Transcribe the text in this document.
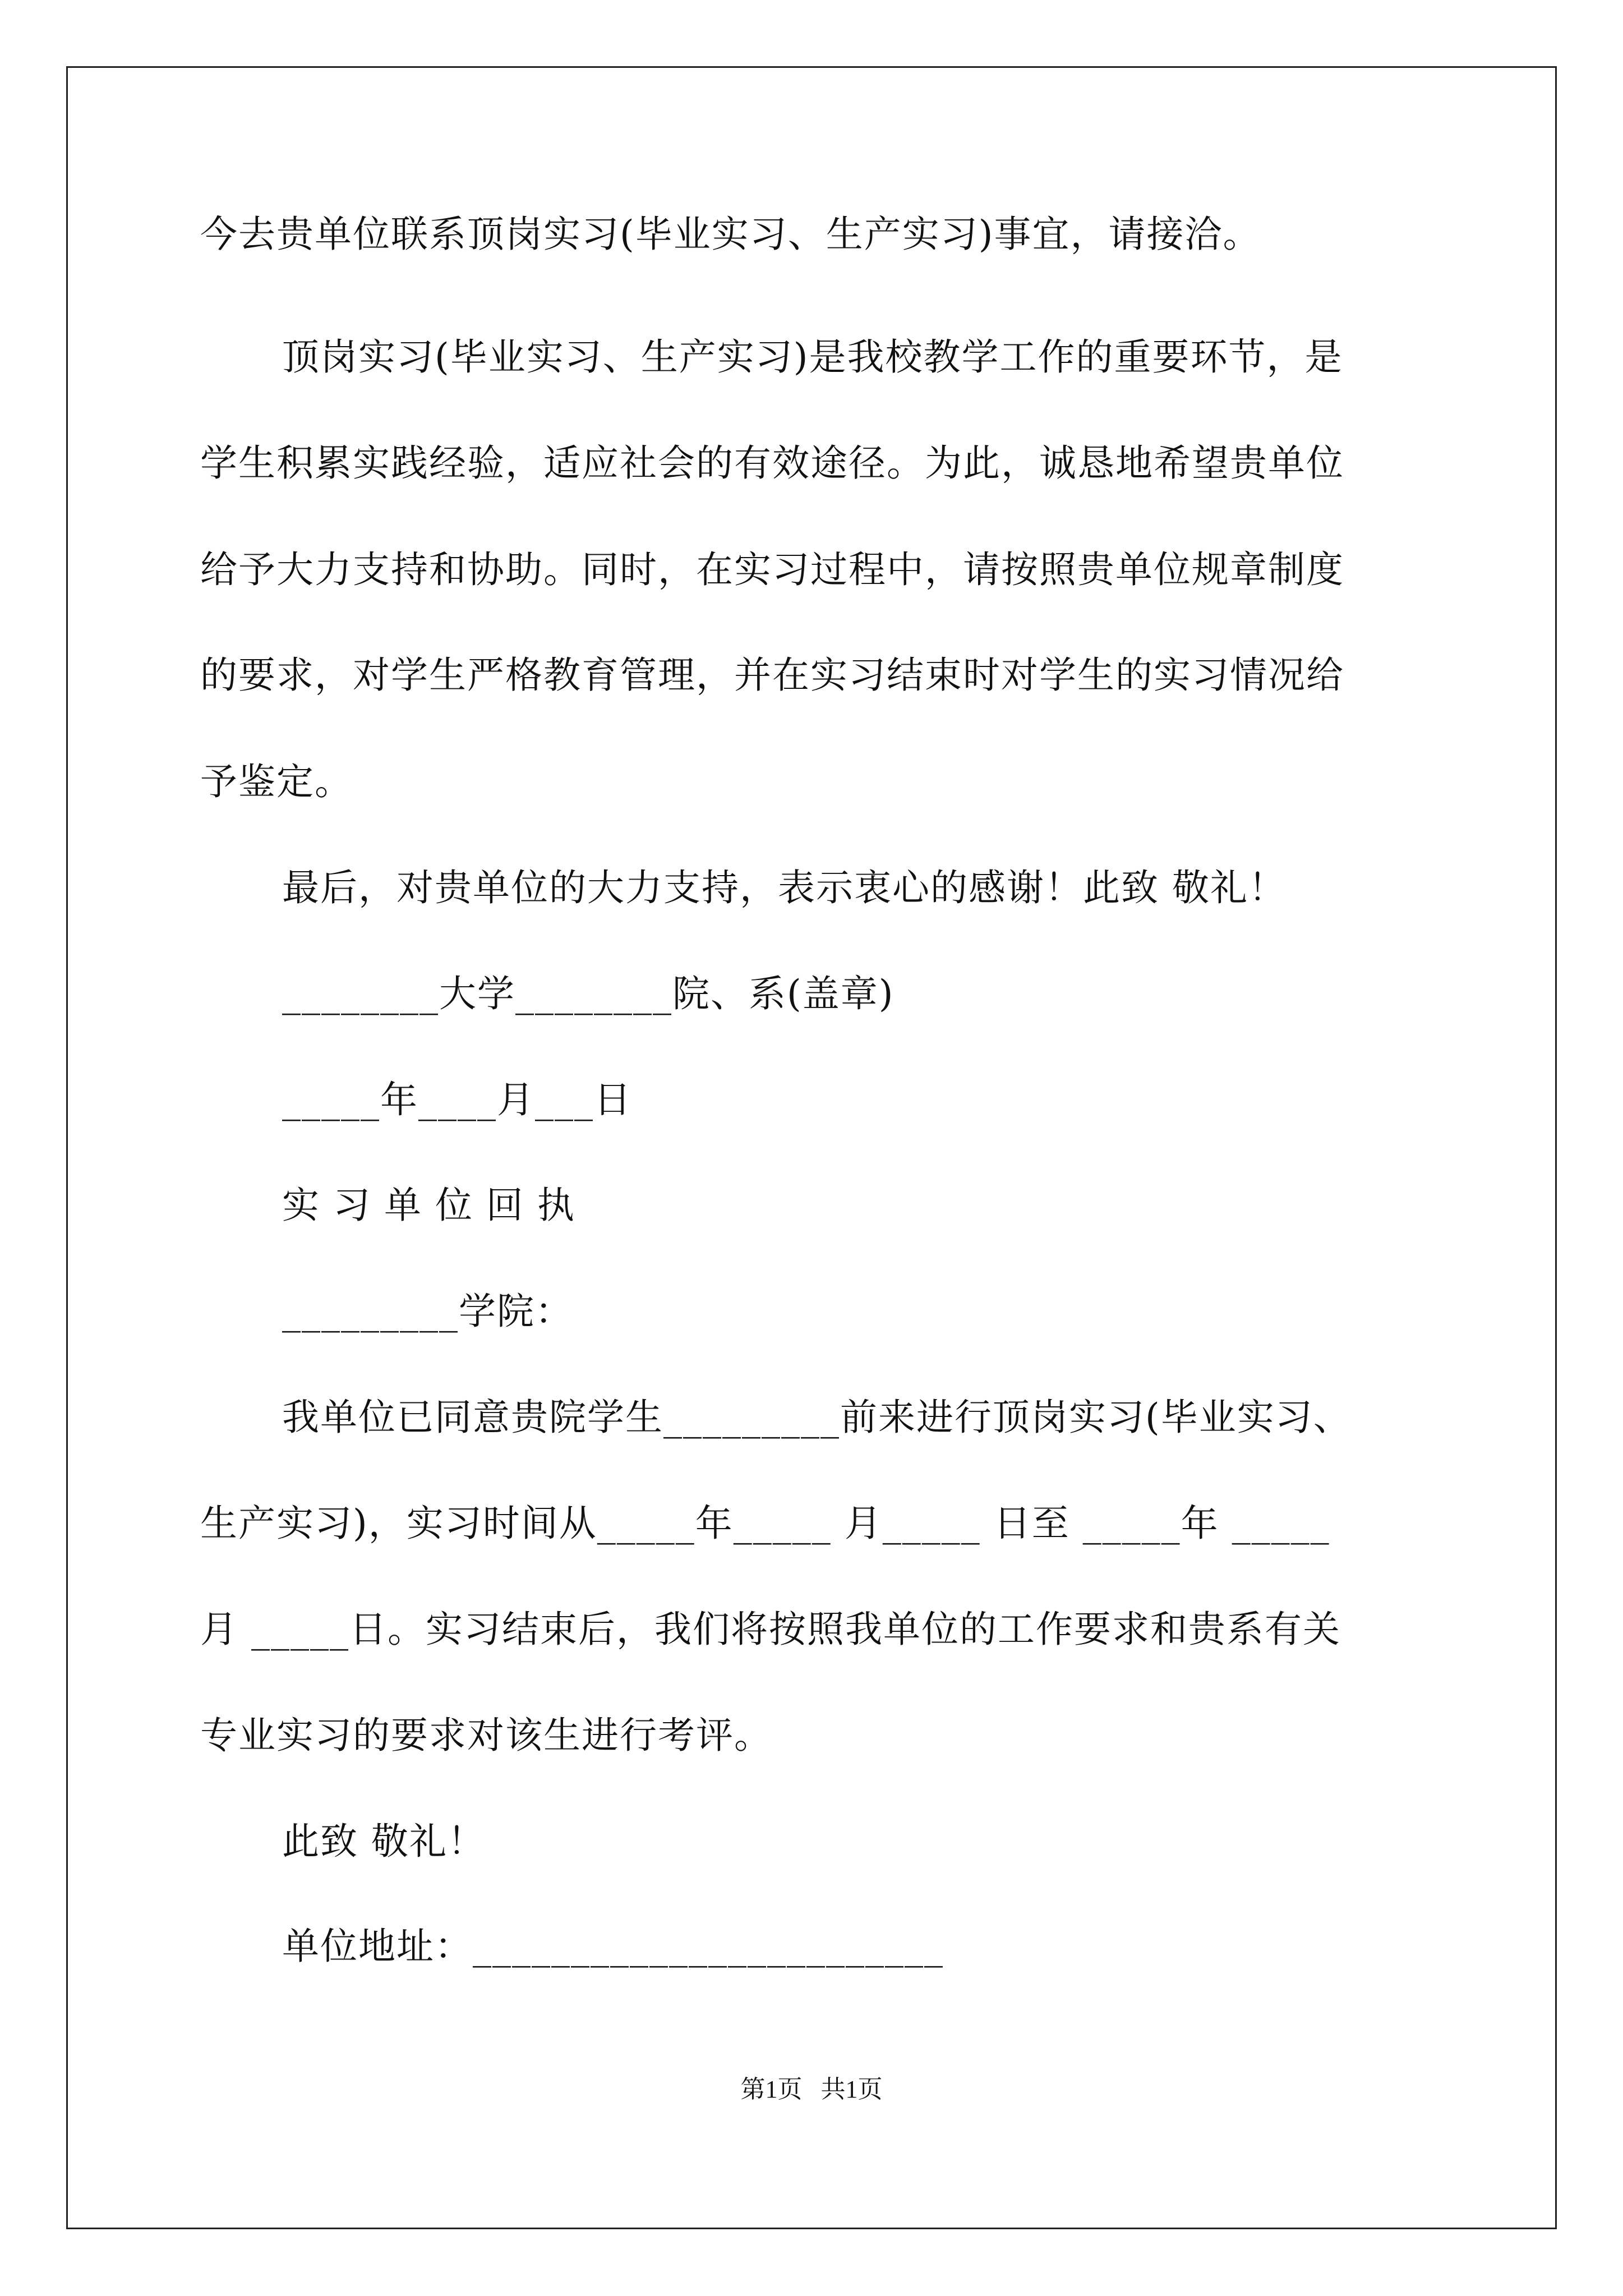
今去贵单位联系顶岗实习(毕业实习、生产实习)事宜，请接洽。
顶岗实习(毕业实习、生产实习)是我校教学工作的重要环节，是
学生积累实践经验，适应社会的有效途径。为此，诚恳地希望贵单位
给予大力支持和协助。同时，在实习过程中，请按照贵单位规章制度
的要求，对学生严格教育管理，并在实习结束时对学生的实习情况给
予鉴定。
最后，对贵单位的大力支持，表示衷心的感谢！此致 敬礼！
________大学________院、系(盖章)
_____年____月___日
实 习 单 位 回 执
_________学院：
我单位已同意贵院学生_________前来进行顶岗实习(毕业实习、
生产实习)，实习时间从_____年_____ 月_____ 日至 _____年 _____
月 _____日。实习结束后，我们将按照我单位的工作要求和贵系有关
专业实习的要求对该生进行考评。
此致 敬礼！
单位地址：________________________
第1页   共1页
